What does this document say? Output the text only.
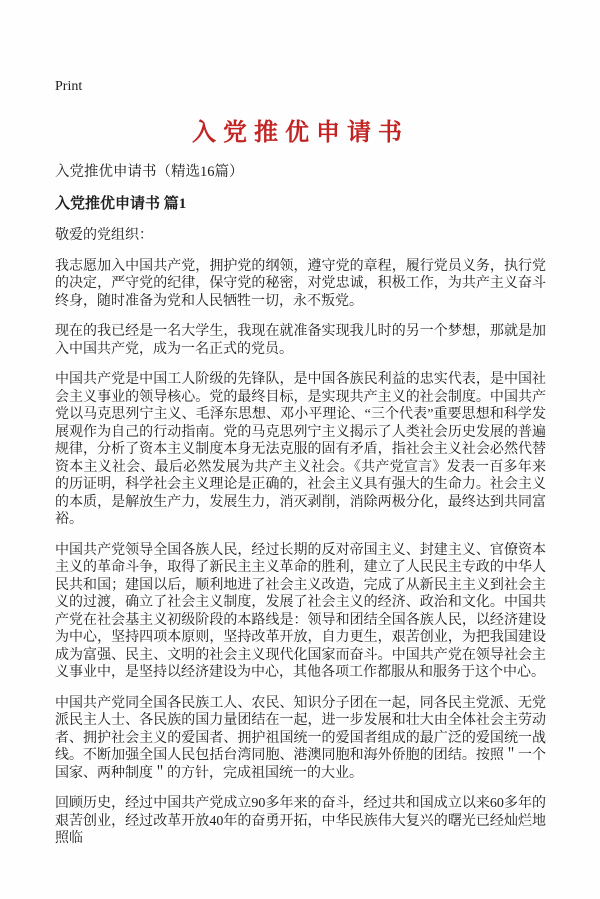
Print
入党推优申请书
入党推优申请书（精选16篇）
入党推优申请书 篇1

敬爱的党组织：

我志愿加入中国共产党，拥护党的纲领，遵守党的章程，履行党员义务，执行党的决定，严守党的纪律，保守党的秘密，对党忠诚，积极工作，为共产主义奋斗终身，随时准备为党和人民牺牲一切，永不叛党。

现在的我已经是一名大学生，我现在就准备实现我儿时的另一个梦想，那就是加入中国共产党，成为一名正式的党员。

中国共产党是中国工人阶级的先锋队，是中国各族民利益的忠实代表，是中国社会主义事业的领导核心。党的最终目标，是实现共产主义的社会制度。中国共产党以马克思列宁主义、毛泽东思想、邓小平理论、“三个代表”重要思想和科学发展观作为自己的行动指南。党的马克思列宁主义揭示了人类社会历史发展的普遍规律，分析了资本主义制度本身无法克服的固有矛盾，指社会主义社会必然代替资本主义社会、最后必然发展为共产主义社会。《共产党宣言》发表一百多年来的历证明，科学社会主义理论是正确的，社会主义具有强大的生命力。社会主义的本质，是解放生产力，发展生力，消灭剥削，消除两极分化，最终达到共同富裕。

中国共产党领导全国各族人民，经过长期的反对帝国主义、封建主义、官僚资本主义的革命斗争，取得了新民主主义革命的胜利，建立了人民民主专政的中华人民共和国；建国以后，顺利地进了社会主义改造，完成了从新民主主义到社会主义的过渡，确立了社会主义制度，发展了社会主义的经济、政治和文化。中国共产党在社会基主义初级阶段的本路线是：领导和团结全国各族人民，以经济建设为中心，坚持四项本原则，坚持改革开放，自力更生，艰苦创业，为把我国建设成为富强、民主、文明的社会主义现代化国家而奋斗。中国共产党在领导社会主义事业中，是坚持以经济建设为中心，其他各项工作都服从和服务于这个中心。

中国共产党同全国各民族工人、农民、知识分子团在一起，同各民主党派、无党派民主人士、各民族的国力量团结在一起，进一步发展和壮大由全体社会主劳动者、拥护社会主义的爱国者、拥护祖国统一的爱国者组成的最广泛的爱国统一战线。不断加强全国人民包括台湾同胞、港澳同胞和海外侨胞的团结。按照＂一个国家、两种制度＂的方针，完成祖国统一的大业。

回顾历史，经过中国共产党成立90多年来的奋斗，经过共和国成立以来60多年的艰苦创业，经过改革开放40年的奋勇开拓，中华民族伟大复兴的曙光已经灿烂地照临
